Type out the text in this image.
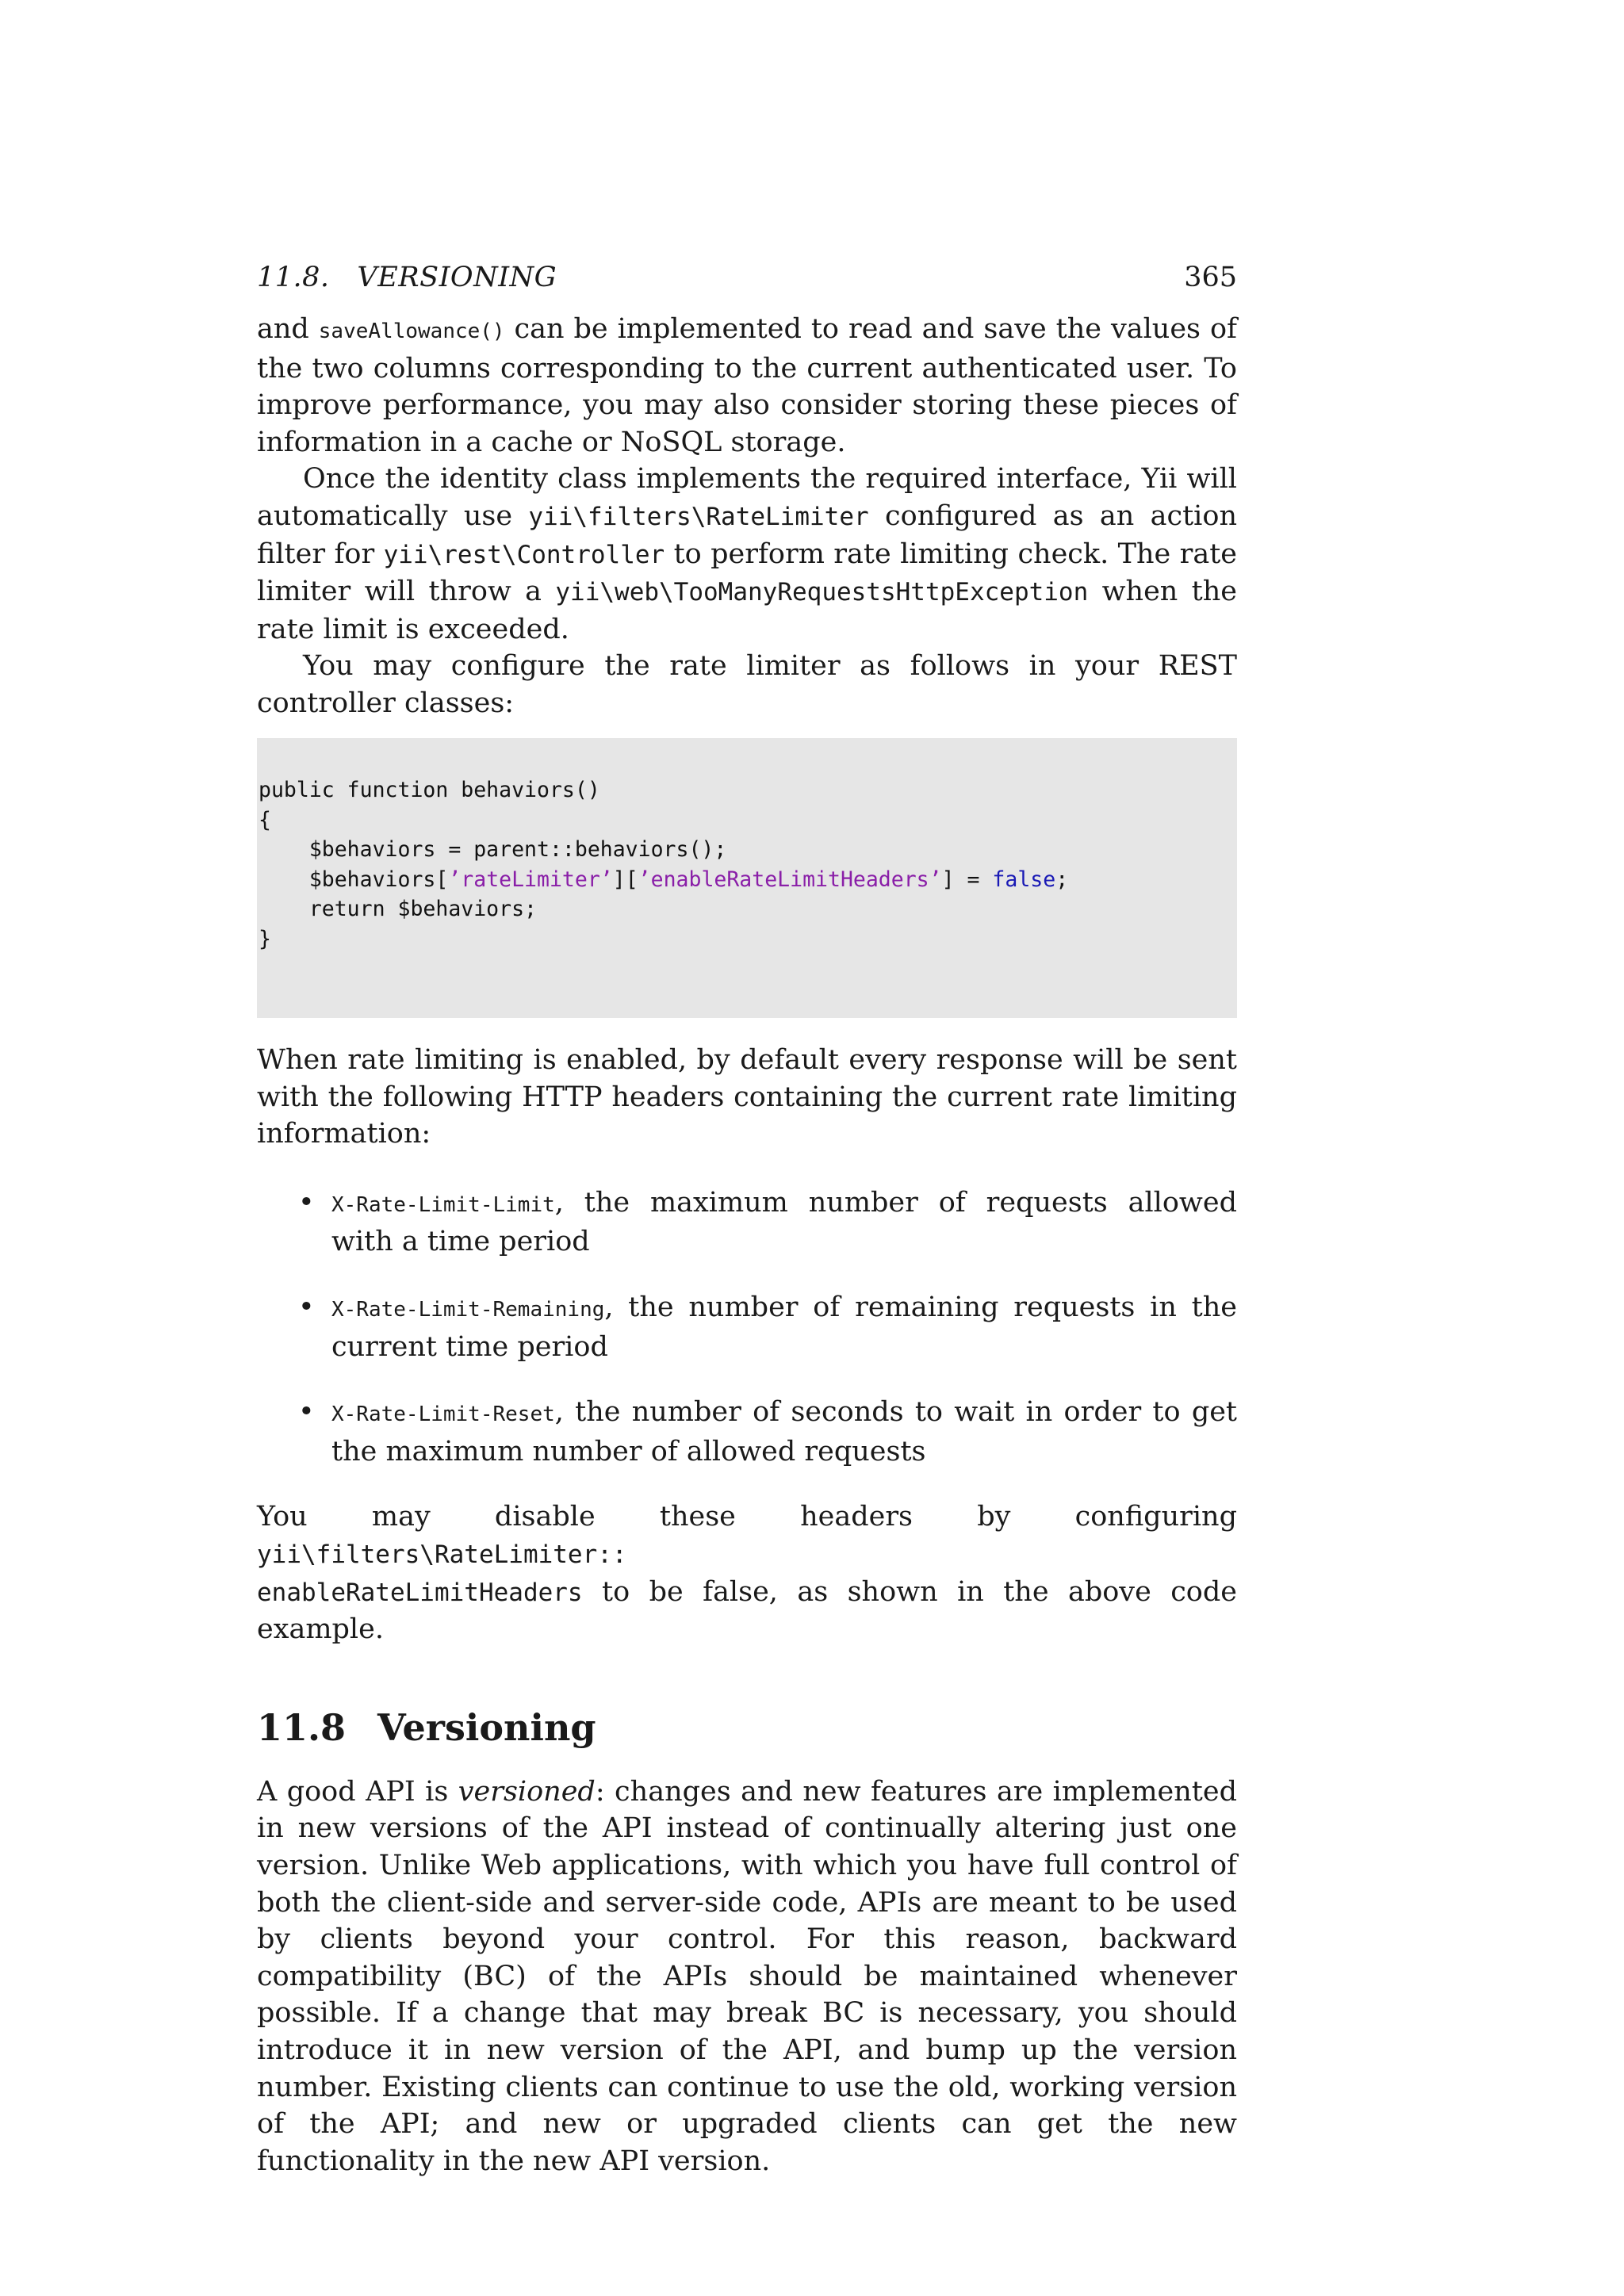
11.8.   VERSIONING	365

and saveAllowance() can be implemented to read and save the values of the two columns corresponding to the current authenticated user. To improve performance, you may also consider storing these pieces of information in a cache or NoSQL storage.

Once the identity class implements the required interface, Yii will automatically use yii\filters\RateLimiter configured as an action filter for yii\rest\Controller to perform rate limiting check. The rate limiter will throw a yii\web\TooManyRequestsHttpException when the rate limit is exceeded.

You may configure the rate limiter as follows in your REST controller classes:

public function behaviors()
{
$behaviors = parent::behaviors();
$behaviors[’rateLimiter’][’enableRateLimitHeaders’] = false;
return $behaviors;
}

When rate limiting is enabled, by default every response will be sent with the following HTTP headers containing the current rate limiting information:

• X-Rate-Limit-Limit, the maximum number of requests allowed with a time period
• X-Rate-Limit-Remaining, the number of remaining requests in the current time period
• X-Rate-Limit-Reset, the number of seconds to wait in order to get the maximum number of allowed requests

You may disable these headers by configuring yii\filters\RateLimiter::
enableRateLimitHeaders to be false, as shown in the above code example.

11.8 Versioning

A good API is versioned: changes and new features are implemented in new versions of the API instead of continually altering just one version. Unlike Web applications, with which you have full control of both the client-side and server-side code, APIs are meant to be used by clients beyond your control. For this reason, backward compatibility (BC) of the APIs should be maintained whenever possible. If a change that may break BC is necessary, you should introduce it in new version of the API, and bump up the version number. Existing clients can continue to use the old, working version of the API; and new or upgraded clients can get the new functionality in the new API version.
